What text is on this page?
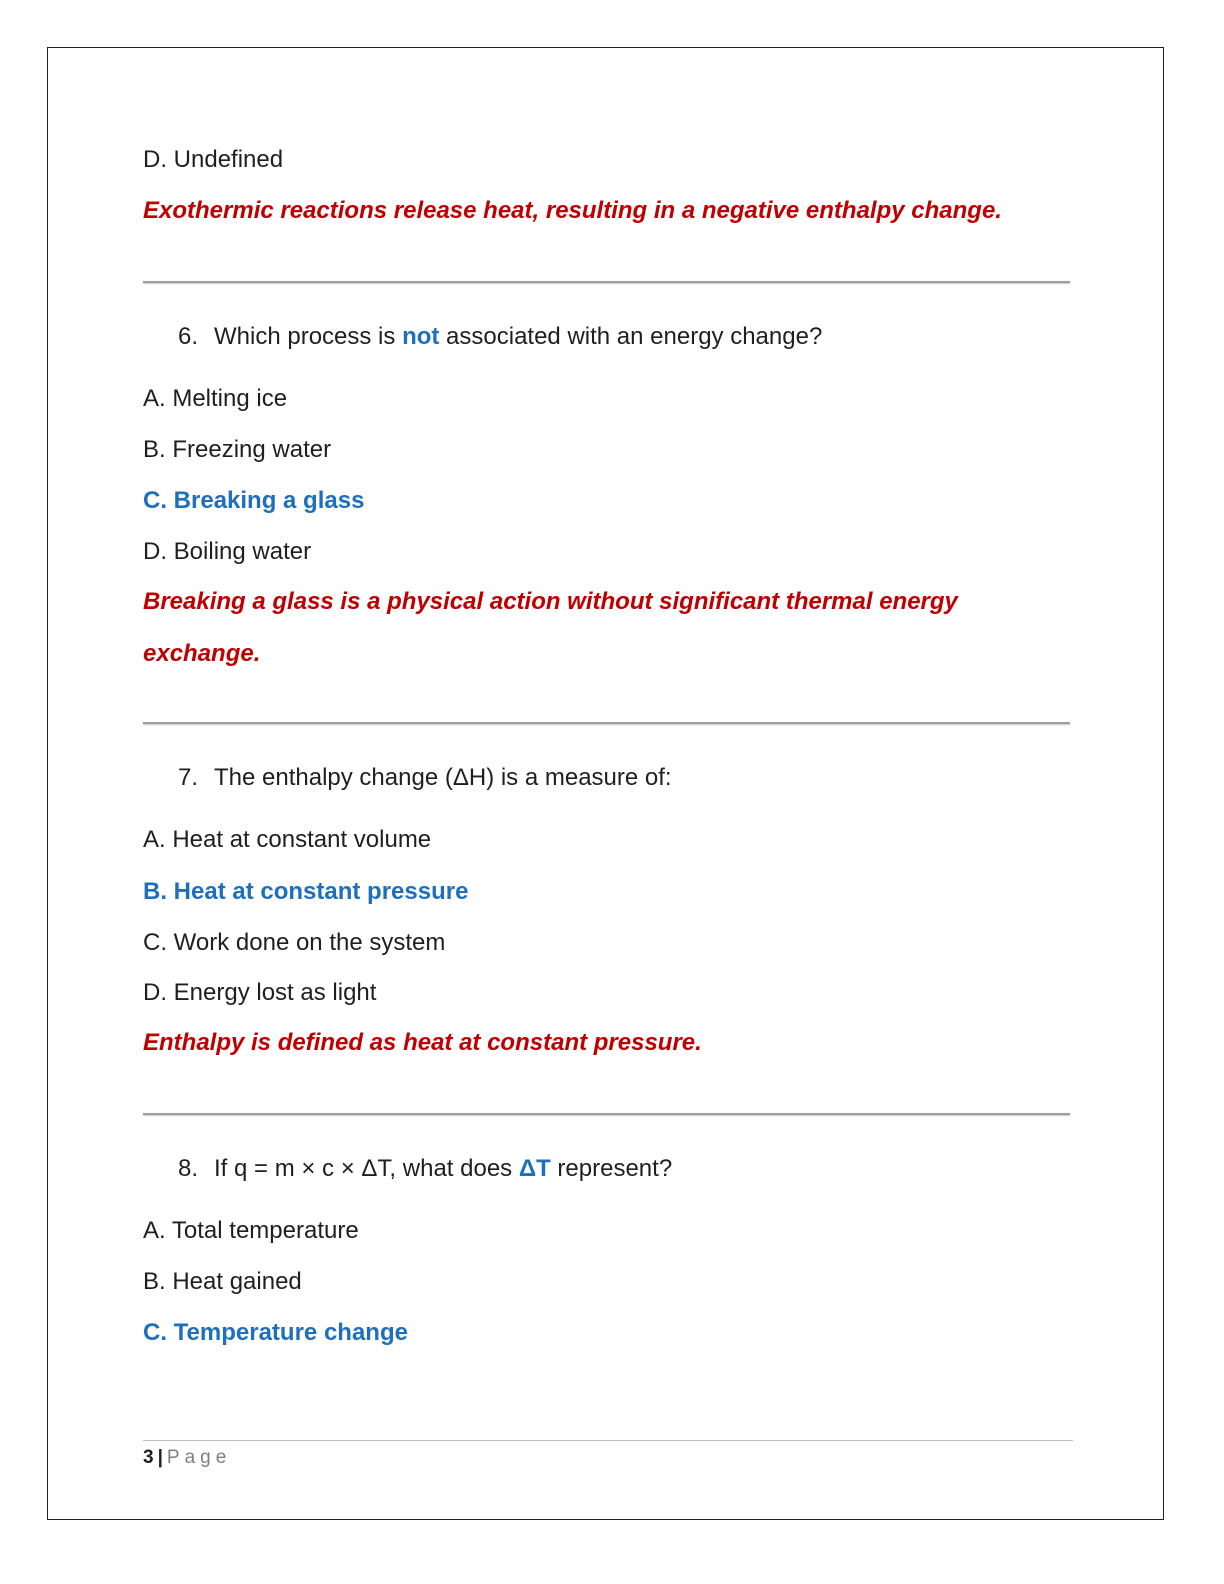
D. Undefined
Exothermic reactions release heat, resulting in a negative enthalpy change.
6. Which process is not associated with an energy change?
A. Melting ice
B. Freezing water
C. Breaking a glass
D. Boiling water
Breaking a glass is a physical action without significant thermal energy
exchange.
7. The enthalpy change (ΔH) is a measure of:
A. Heat at constant volume
B. Heat at constant pressure
C. Work done on the system
D. Energy lost as light
Enthalpy is defined as heat at constant pressure.
8. If q = m × c × ΔT, what does ΔT represent?
A. Total temperature
B. Heat gained
C. Temperature change
3 | Page
